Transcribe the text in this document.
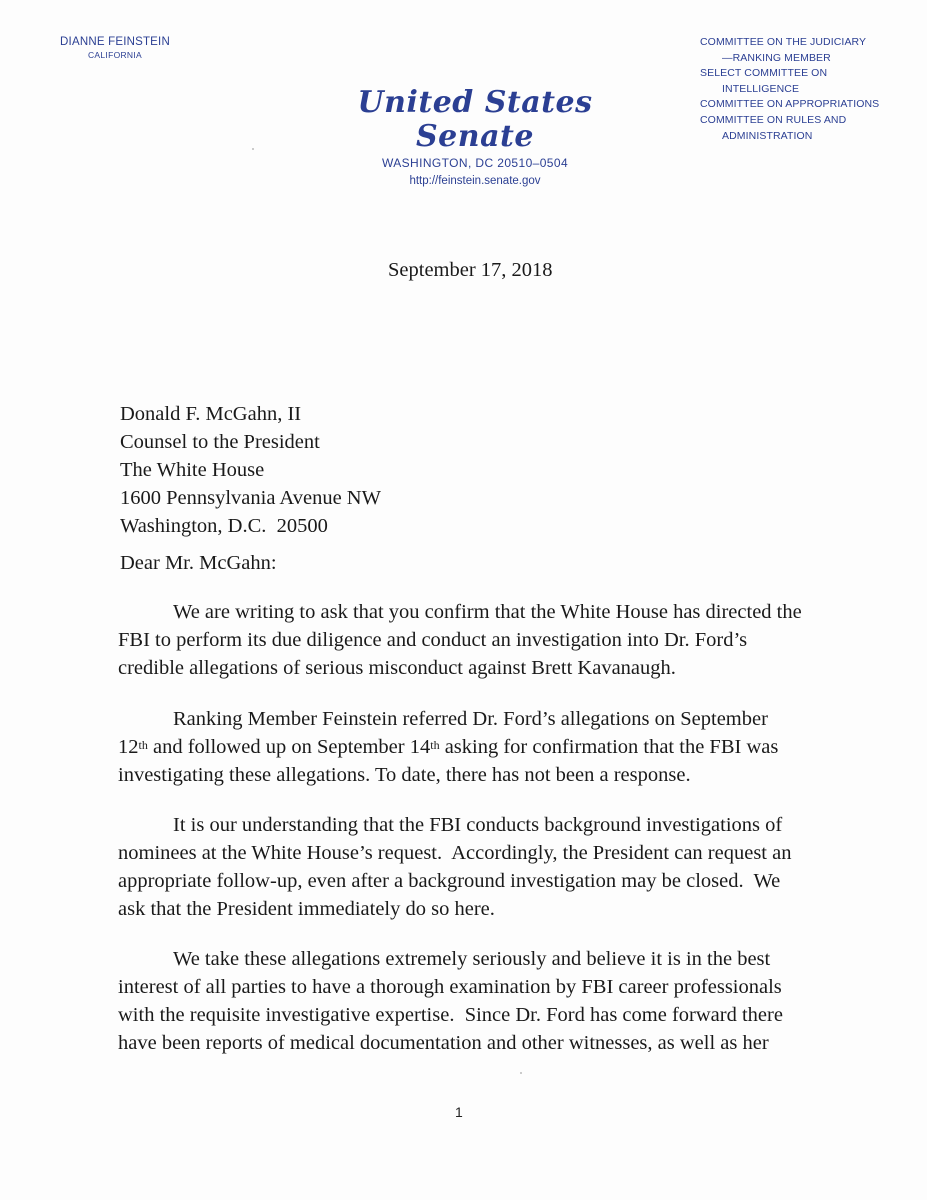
DIANNE FEINSTEIN
CALIFORNIA
United States Senate
WASHINGTON, DC 20510–0504
http://feinstein.senate.gov
COMMITTEE ON THE JUDICIARY
—RANKING MEMBER
SELECT COMMITTEE ON
INTELLIGENCE
COMMITTEE ON APPROPRIATIONS
COMMITTEE ON RULES AND
ADMINISTRATION
September 17, 2018
Donald F. McGahn, II
Counsel to the President
The White House
1600 Pennsylvania Avenue NW
Washington, D.C.  20500
Dear Mr. McGahn:
We are writing to ask that you confirm that the White House has directed the
FBI to perform its due diligence and conduct an investigation into Dr. Ford’s
credible allegations of serious misconduct against Brett Kavanaugh.
Ranking Member Feinstein referred Dr. Ford’s allegations on September
12th and followed up on September 14th asking for confirmation that the FBI was
investigating these allegations. To date, there has not been a response.
It is our understanding that the FBI conducts background investigations of
nominees at the White House’s request.  Accordingly, the President can request an
appropriate follow-up, even after a background investigation may be closed.  We
ask that the President immediately do so here.
We take these allegations extremely seriously and believe it is in the best
interest of all parties to have a thorough examination by FBI career professionals
with the requisite investigative expertise.  Since Dr. Ford has come forward there
have been reports of medical documentation and other witnesses, as well as her
1
